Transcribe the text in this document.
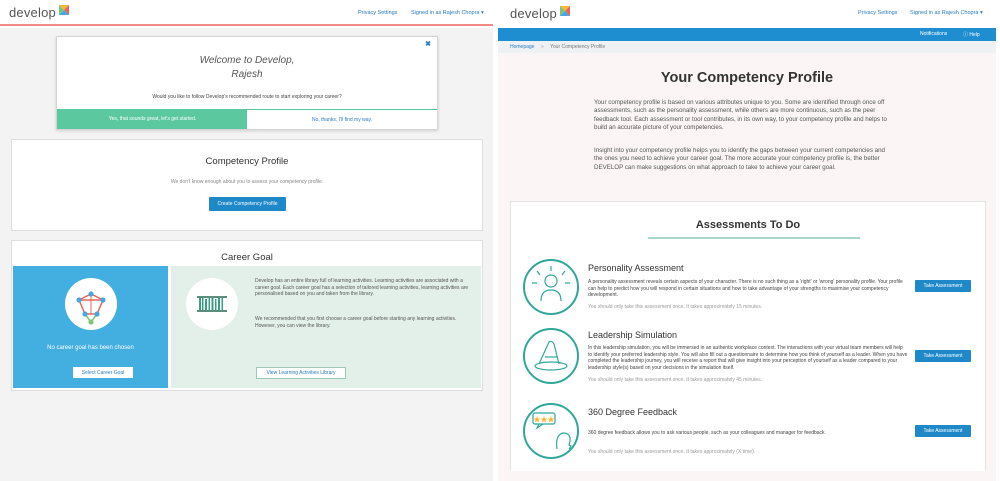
develop	Privacy Settings Signed in as Rajesh Chopra ▾
✖
Welcome to Develop,
Rajesh
Would you like to follow Develop's recommended route to start exploring your career?
Yes, that sounds great, let's get started.	No, thanks, I'll find my way.
Competency Profile
We don't know enough about you to assess your competency profile.
Create Competency Profile
Career Goal
No career goal has been chosen
Select Career Goal
Develop has an entire library full of learning activities. Learning activities are associated with a career goal. Each career goal has a selection of tailored learning activities, learning activities are personalised based on you and taken from the library.
We recommended that you first choose a career goal before starting any learning activities. However, you can view the library.
View Learning Activities Library
develop	Privacy Settings Signed in as Rajesh Chopra ▾
Notifications	ⓘ Help
Homepage » Your Competency Profile
Your Competency Profile
Your competency profile is based on various attributes unique to you. Some are identified through once off assessments, such as the personality assessment, while others are more continuous, such as the peer feedback tool. Each assessment or tool contributes, in its own way, to your competency profile and helps to build an accurate picture of your competencies.
Insight into your competency profile helps you to identify the gaps between your current competencies and the ones you need to achieve your career goal. The more accurate your competency profile is, the better DEVELOP can make suggestions on what approach to take to achieve your career goal.
Assessments To Do
Personality Assessment
A personality assessment reveals certain aspects of your character. There is no such thing as a 'right' or 'wrong' personality profile. Your profile can help to predict how you will respond in certain situations and how to take advantage of your strengths to maximise your competency development.
You should only take this assessment once. It takes approximately 15 minutes.
Take Assessment
Leadership Simulation
In this leadership simulation, you will be immersed in an authentic workplace context. The interactions with your virtual team members will help to identify your preferred leadership style. You will also fill out a questionnaire to determine how you think of yourself as a leader. When you have completed the leadership journey, you will receive a report that will give insight into your perception of yourself as a leader compared to your leadership style(s) based on your decisions in the simulation itself.
You should only take this assessment once. It takes approximately 45 minutes.
Take Assessment
360 Degree Feedback
360 degree feedback allows you to ask various people, such as your colleagues and manager for feedback.
You should only take this assessment once. It takes approximately (X time).
Take Assessment
